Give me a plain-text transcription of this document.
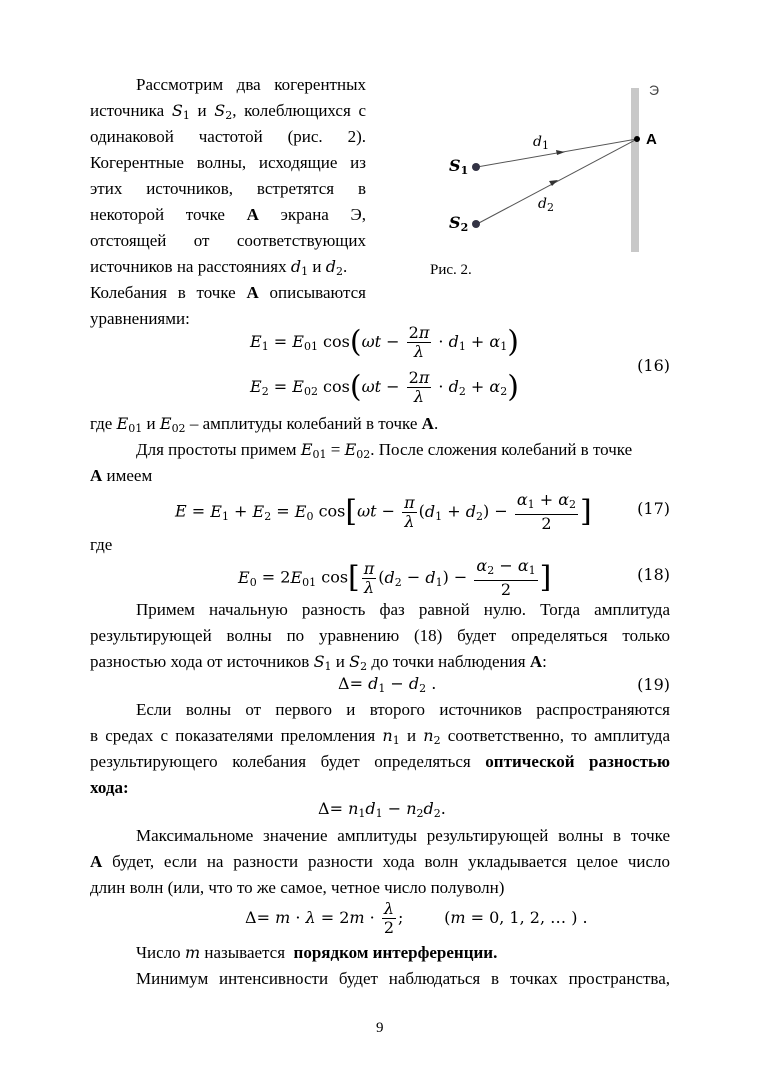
Рассмотрим два когерентных
источника $S_1$ и $S_2$, колеблющихся с
одинаковой частотой (рис. 2).
Когерентные волны, исходящие из
этих источников, встретятся в
некоторой точке A экрана Э,
отстоящей от соответствующих
источников на расстояниях $d_1$ и $d_2$.
Колебания в точке A описываются
уравнениями:
Э
A
$S_1$
$S_2$
$d_1$
$d_2$
Рис. 2.
$E_1 = E_{01}$ $\cos(\omega t - \frac{2\pi}{\lambda} \cdot d_1 + \alpha_1)$
$E_2 = E_{02}$ $\cos(\omega t - \frac{2\pi}{\lambda} \cdot d_2 + \alpha_2)$
(16)
где $E_{01}$ и $E_{02}$ – амплитуды колебаний в точке A.
Для простоты примем $E_{01} = E_{02}$. После сложения колебаний в точке
A имеем
$E = E_1 + E_2 = E_0$ $\cos[\omega t - \frac{\pi}{\lambda} (d_1 + d_2) - \frac{\alpha_1 + \alpha_2}{2}$ ]	(17)
где
$E_0 = 2E_{01}$ $\cos[ \frac{\pi}{\lambda} (d_2 - d_1) - \frac{\alpha_2 - \alpha_1}{2}$ ]	(18)
Примем начальную разность фаз равной нулю. Тогда амплитуда
результирующей волны по уравнению (18) будет определяться только
разностью хода от источников $S_1$ и $S_2$ до точки наблюдения A:
$\Delta= d_1 - d_2$ .	(19)
Если волны от первого и второго источников распространяются
в средах с показателями преломления $n_1$ и $n_2$ соответственно, то амплитуда
результирующего колебания будет определяться оптической разностью
хода:
$\Delta= n_1d_1 - n_2d_2$.
Максимальноме значение амплитуды результирующей волны в точке
A будет, если на разности разности хода волн укладывается целое число
длин волн (или, что то же самое, четное число полуволн)
$\Delta= m \cdot \lambda = 2m \cdot \frac{\lambda}{2}$ ;        (m = 0, 1, 2, … ) .
Число m называется порядком интерференции.
Минимум интенсивности будет наблюдаться в точках пространства,
9
